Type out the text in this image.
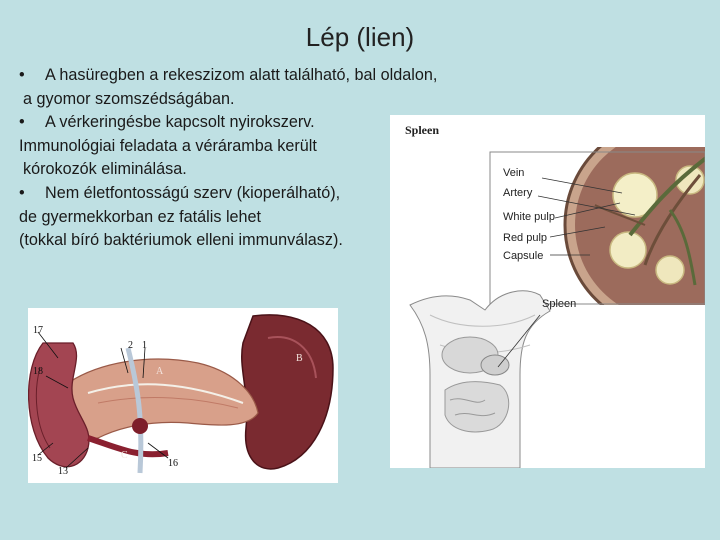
Lép (lien)
• A hasüregben a rekeszizom alatt található, bal oldalon,
a gyomor szomszédságában.
• A vérkeringésbe kapcsolt nyirokszerv.
Immunológiai feladata a véráramba került
kórokozók eliminálása.
• Nem életfontosságú szerv (kioperálható),
de gyermekkorban ez fatális lehet
(tokkal bíró baktériumok elleni immunválasz).
Spleen
Vein
Artery
White pulp
Red pulp
Capsule
Spleen
17
2 1
18
15
13
16
A
B
C
